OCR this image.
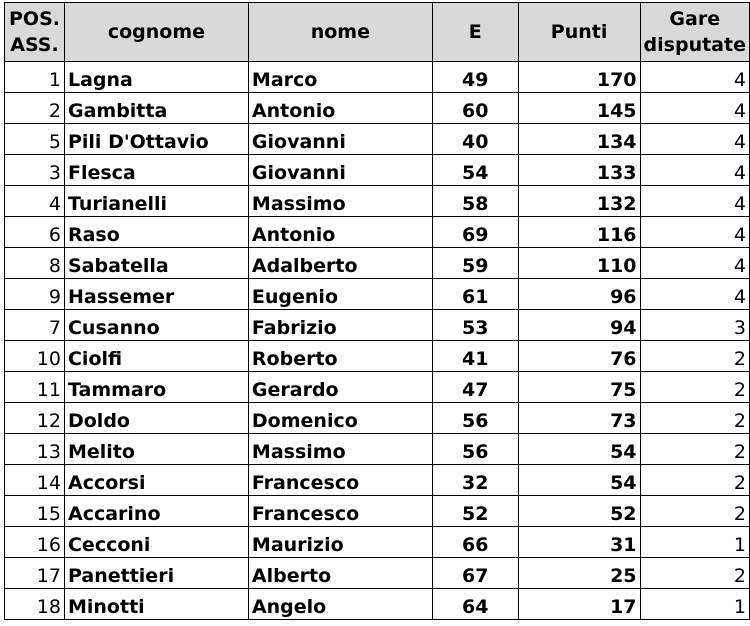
POS.
ASS.	cognome	nome	E	Punti	Gare
disputate

1	Lagna	Marco	49	170	4
2	Gambitta	Antonio	60	145	4
5	Pili D'Ottavio	Giovanni	40	134	4
3	Flesca	Giovanni	54	133	4
4	Turianelli	Massimo	58	132	4
6	Raso	Antonio	69	116	4
8	Sabatella	Adalberto	59	110	4
9	Hassemer	Eugenio	61	96	4
7	Cusanno	Fabrizio	53	94	3
10	Ciolfi	Roberto	41	76	2
11	Tammaro	Gerardo	47	75	2
12	Doldo	Domenico	56	73	2
13	Melito	Massimo	56	54	2
14	Accorsi	Francesco	32	54	2
15	Accarino	Francesco	52	52	2
16	Cecconi	Maurizio	66	31	1
17	Panettieri	Alberto	67	25	2
18	Minotti	Angelo	64	17	1
